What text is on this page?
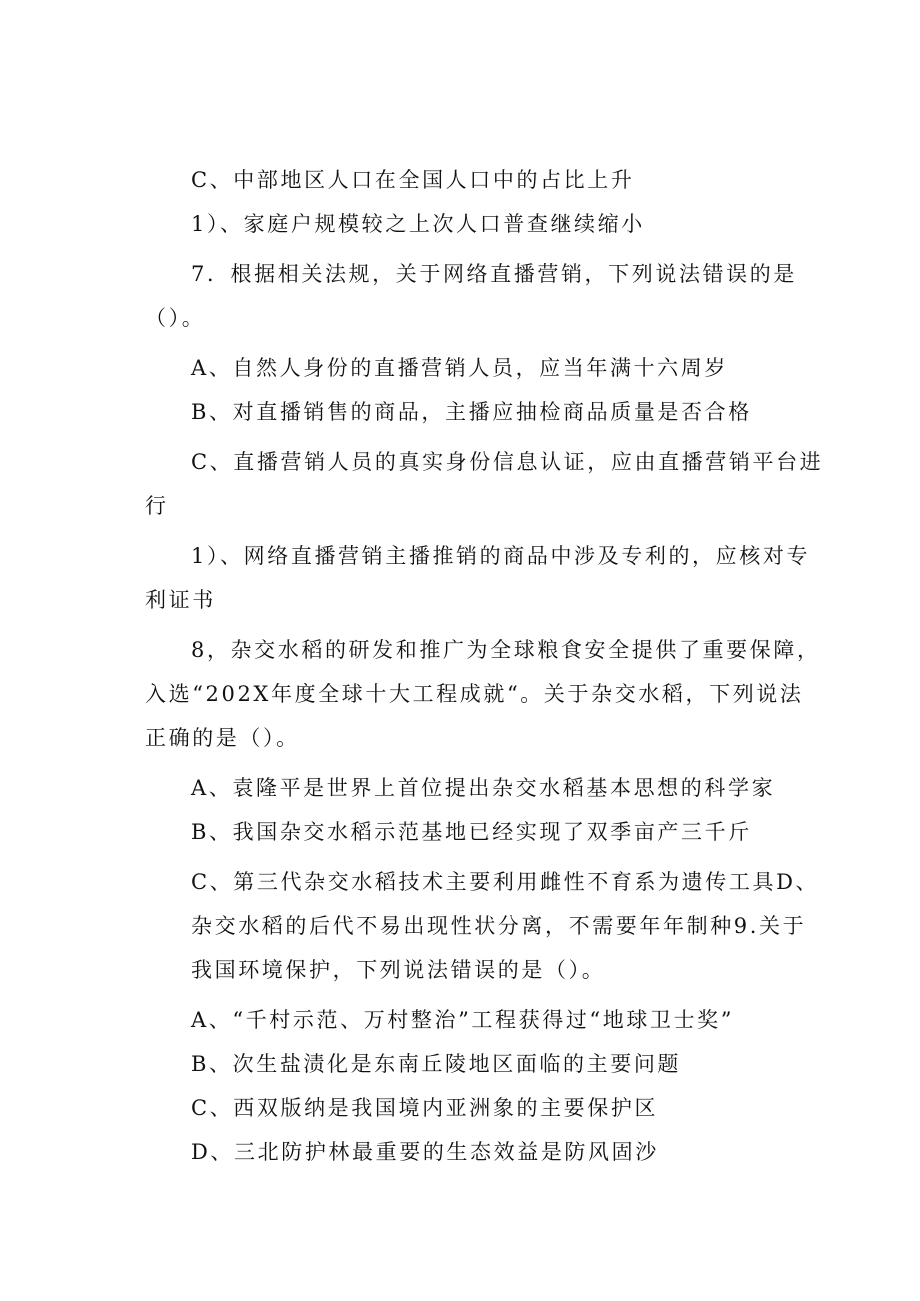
C、中部地区人口在全国人口中的占比上升
1）、家庭户规模较之上次人口普查继续缩小
7．根据相关法规，关于网络直播营销，下列说法错误的是
（）。
A、自然人身份的直播营销人员，应当年满十六周岁
B、对直播销售的商品，主播应抽检商品质量是否合格
C、直播营销人员的真实身份信息认证，应由直播营销平台进
行
1）、网络直播营销主播推销的商品中涉及专利的，应核对专
利证书
8，杂交水稻的研发和推广为全球粮食安全提供了重要保障，
入选“202X年度全球十大工程成就“。关于杂交水稻，下列说法
正确的是（）。
A、袁隆平是世界上首位提出杂交水稻基本思想的科学家
B、我国杂交水稻示范基地已经实现了双季亩产三千斤
C、第三代杂交水稻技术主要利用雌性不育系为遗传工具D、
杂交水稻的后代不易出现性状分离，不需要年年制种9.关于
我国环境保护，下列说法错误的是（）。
A、“千村示范、万村整治”工程获得过“地球卫士奖”
B、次生盐渍化是东南丘陵地区面临的主要问题
C、西双版纳是我国境内亚洲象的主要保护区
D、三北防护林最重要的生态效益是防风固沙
